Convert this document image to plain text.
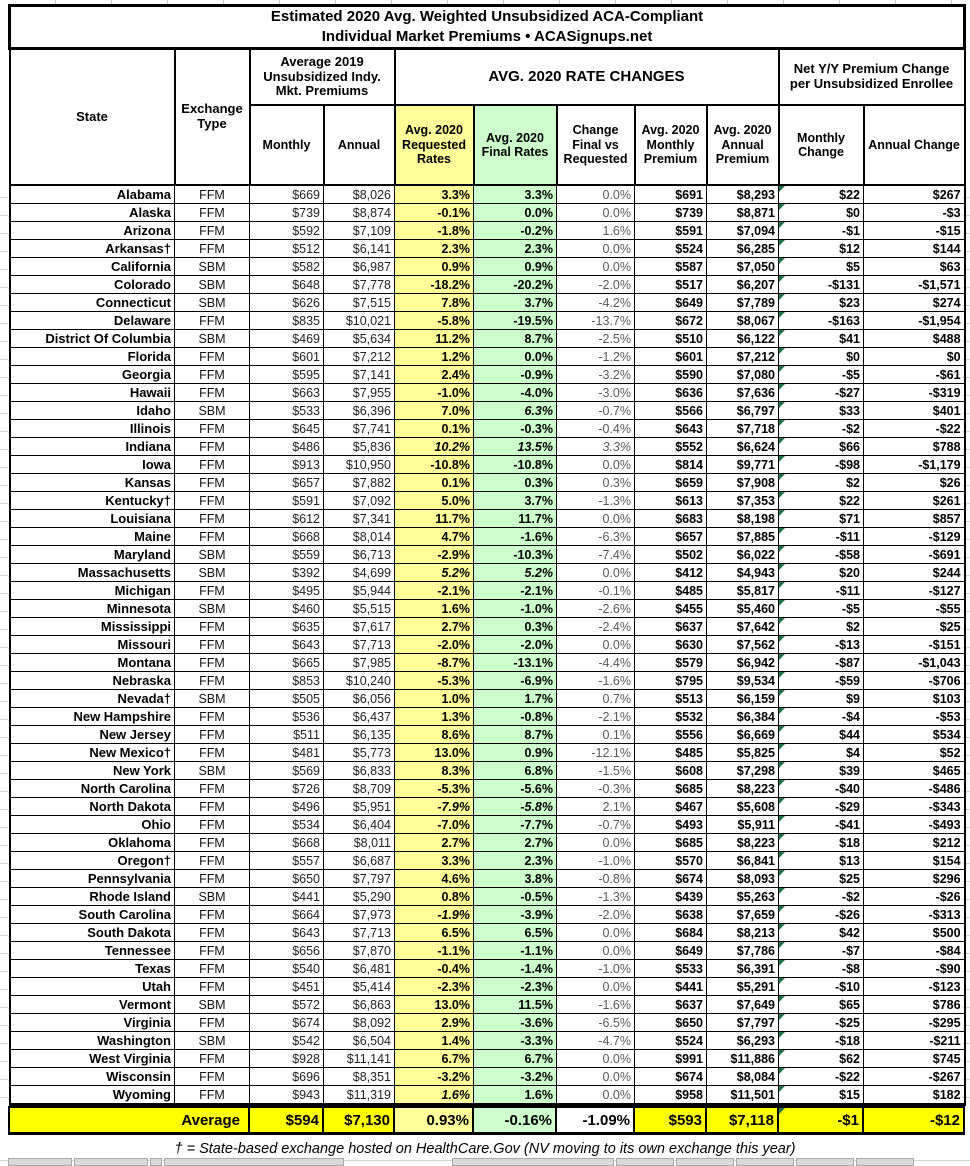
Estimated 2020 Avg. Weighted Unsubsidized ACA-Compliant
Individual Market Premiums • ACASignups.net										
State	Exchange Type	Average 2019 Unsubsidized Indy. Mkt. Premiums		AVG. 2020 RATE CHANGES					Net Y/Y Premium Change per Unsubsidized Enrollee	
		Monthly	Annual	Avg. 2020 Requested Rates	Avg. 2020 Final Rates	Change Final vs Requested	Avg. 2020 Monthly Premium	Avg. 2020 Annual Premium	Monthly Change	Annual Change
Alabama	FFM	$669	$8,026	3.3%	3.3%	0.0%	$691	$8,293	$22	$267
Alaska	FFM	$739	$8,874	-0.1%	0.0%	0.0%	$739	$8,871	$0	-$3
Arizona	FFM	$592	$7,109	-1.8%	-0.2%	1.6%	$591	$7,094	-$1	-$15
Arkansas†	FFM	$512	$6,141	2.3%	2.3%	0.0%	$524	$6,285	$12	$144
California	SBM	$582	$6,987	0.9%	0.9%	0.0%	$587	$7,050	$5	$63
Colorado	SBM	$648	$7,778	-18.2%	-20.2%	-2.0%	$517	$6,207	-$131	-$1,571
Connecticut	SBM	$626	$7,515	7.8%	3.7%	-4.2%	$649	$7,789	$23	$274
Delaware	FFM	$835	$10,021	-5.8%	-19.5%	-13.7%	$672	$8,067	-$163	-$1,954
District Of Columbia	SBM	$469	$5,634	11.2%	8.7%	-2.5%	$510	$6,122	$41	$488
Florida	FFM	$601	$7,212	1.2%	0.0%	-1.2%	$601	$7,212	$0	$0
Georgia	FFM	$595	$7,141	2.4%	-0.9%	-3.2%	$590	$7,080	-$5	-$61
Hawaii	FFM	$663	$7,955	-1.0%	-4.0%	-3.0%	$636	$7,636	-$27	-$319
Idaho	SBM	$533	$6,396	7.0%	6.3%	-0.7%	$566	$6,797	$33	$401
Illinois	FFM	$645	$7,741	0.1%	-0.3%	-0.4%	$643	$7,718	-$2	-$22
Indiana	FFM	$486	$5,836	10.2%	13.5%	3.3%	$552	$6,624	$66	$788
Iowa	FFM	$913	$10,950	-10.8%	-10.8%	0.0%	$814	$9,771	-$98	-$1,179
Kansas	FFM	$657	$7,882	0.1%	0.3%	0.3%	$659	$7,908	$2	$26
Kentucky†	FFM	$591	$7,092	5.0%	3.7%	-1.3%	$613	$7,353	$22	$261
Louisiana	FFM	$612	$7,341	11.7%	11.7%	0.0%	$683	$8,198	$71	$857
Maine	FFM	$668	$8,014	4.7%	-1.6%	-6.3%	$657	$7,885	-$11	-$129
Maryland	SBM	$559	$6,713	-2.9%	-10.3%	-7.4%	$502	$6,022	-$58	-$691
Massachusetts	SBM	$392	$4,699	5.2%	5.2%	0.0%	$412	$4,943	$20	$244
Michigan	FFM	$495	$5,944	-2.1%	-2.1%	-0.1%	$485	$5,817	-$11	-$127
Minnesota	SBM	$460	$5,515	1.6%	-1.0%	-2.6%	$455	$5,460	-$5	-$55
Mississippi	FFM	$635	$7,617	2.7%	0.3%	-2.4%	$637	$7,642	$2	$25
Missouri	FFM	$643	$7,713	-2.0%	-2.0%	0.0%	$630	$7,562	-$13	-$151
Montana	FFM	$665	$7,985	-8.7%	-13.1%	-4.4%	$579	$6,942	-$87	-$1,043
Nebraska	FFM	$853	$10,240	-5.3%	-6.9%	-1.6%	$795	$9,534	-$59	-$706
Nevada†	SBM	$505	$6,056	1.0%	1.7%	0.7%	$513	$6,159	$9	$103
New Hampshire	FFM	$536	$6,437	1.3%	-0.8%	-2.1%	$532	$6,384	-$4	-$53
New Jersey	FFM	$511	$6,135	8.6%	8.7%	0.1%	$556	$6,669	$44	$534
New Mexico†	FFM	$481	$5,773	13.0%	0.9%	-12.1%	$485	$5,825	$4	$52
New York	SBM	$569	$6,833	8.3%	6.8%	-1.5%	$608	$7,298	$39	$465
North Carolina	FFM	$726	$8,709	-5.3%	-5.6%	-0.3%	$685	$8,223	-$40	-$486
North Dakota	FFM	$496	$5,951	-7.9%	-5.8%	2.1%	$467	$5,608	-$29	-$343
Ohio	FFM	$534	$6,404	-7.0%	-7.7%	-0.7%	$493	$5,911	-$41	-$493
Oklahoma	FFM	$668	$8,011	2.7%	2.7%	0.0%	$685	$8,223	$18	$212
Oregon†	FFM	$557	$6,687	3.3%	2.3%	-1.0%	$570	$6,841	$13	$154
Pennsylvania	FFM	$650	$7,797	4.6%	3.8%	-0.8%	$674	$8,093	$25	$296
Rhode Island	SBM	$441	$5,290	0.8%	-0.5%	-1.3%	$439	$5,263	-$2	-$26
South Carolina	FFM	$664	$7,973	-1.9%	-3.9%	-2.0%	$638	$7,659	-$26	-$313
South Dakota	FFM	$643	$7,713	6.5%	6.5%	0.0%	$684	$8,213	$42	$500
Tennessee	FFM	$656	$7,870	-1.1%	-1.1%	0.0%	$649	$7,786	-$7	-$84
Texas	FFM	$540	$6,481	-0.4%	-1.4%	-1.0%	$533	$6,391	-$8	-$90
Utah	FFM	$451	$5,414	-2.3%	-2.3%	0.0%	$441	$5,291	-$10	-$123
Vermont	SBM	$572	$6,863	13.0%	11.5%	-1.6%	$637	$7,649	$65	$786
Virginia	FFM	$674	$8,092	2.9%	-3.6%	-6.5%	$650	$7,797	-$25	-$295
Washington	SBM	$542	$6,504	1.4%	-3.3%	-4.7%	$524	$6,293	-$18	-$211
West Virginia	FFM	$928	$11,141	6.7%	6.7%	0.0%	$991	$11,886	$62	$745
Wisconsin	FFM	$696	$8,351	-3.2%	-3.2%	0.0%	$674	$8,084	-$22	-$267
Wyoming	FFM	$943	$11,319	1.6%	1.6%	0.0%	$958	$11,501	$15	$182
Average	$594	$7,130	0.93%	-0.16%	-1.09%	$593	$7,118	-$1	-$12
† = State-based exchange hosted on HealthCare.Gov (NV moving to its own exchange this year)
